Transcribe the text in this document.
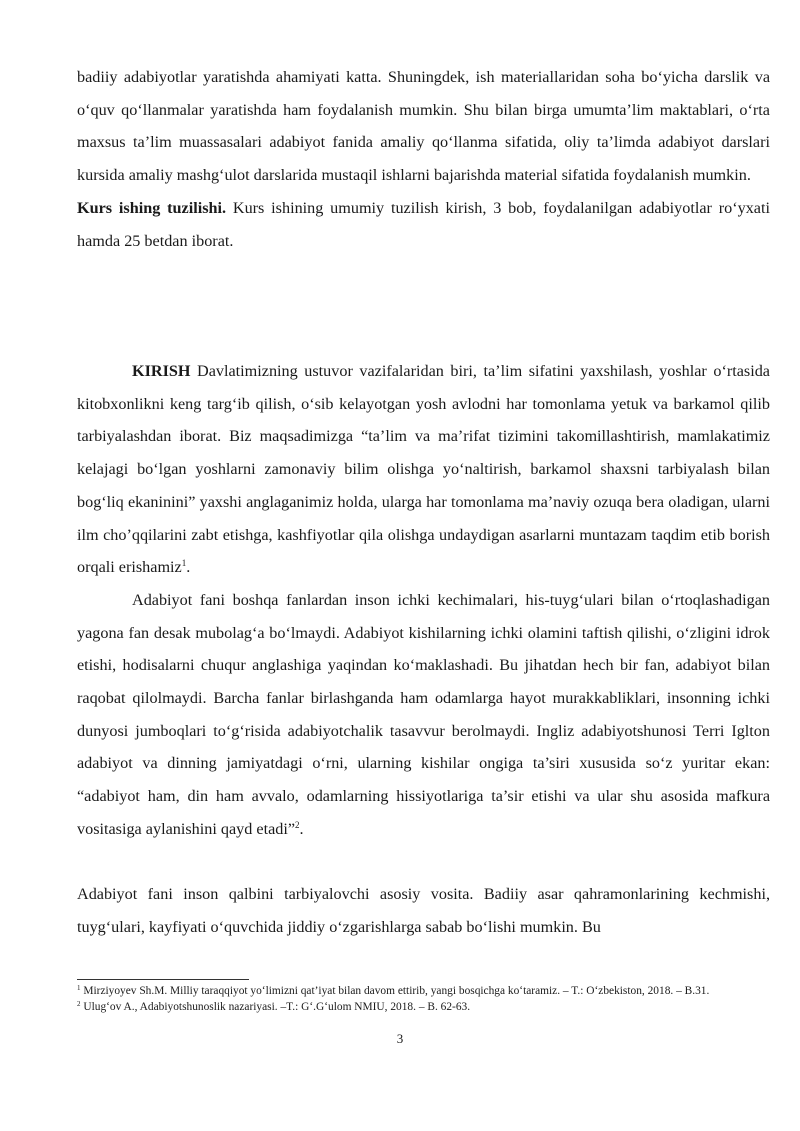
badiiy adabiyotlar yaratishda ahamiyati katta. Shuningdek, ish materiallaridan soha bo‘yicha darslik va o‘quv qo‘llanmalar yaratishda ham foydalanish mumkin. Shu bilan birga umumta’lim maktablari, o‘rta maxsus ta’lim muassasalari adabiyot fanida amaliy qo‘llanma sifatida, oliy ta’limda adabiyot darslari kursida amaliy mashg‘ulot darslarida mustaqil ishlarni bajarishda material sifatida foydalanish mumkin.

Kurs ishing tuzilishi. Kurs ishining umumiy tuzilish kirish, 3 bob, foydalanilgan adabiyotlar ro‘yxati hamda 25 betdan iborat.

KIRISH Davlatimizning ustuvor vazifalaridan biri, ta’lim sifatini yaxshilash, yoshlar o‘rtasida kitobxonlikni keng targ‘ib qilish, o‘sib kelayotgan yosh avlodni har tomonlama yetuk va barkamol qilib tarbiyalashdan iborat. Biz maqsadimizga “ta’lim va ma’rifat tizimini takomillashtirish, mamlakatimiz kelajagi bo‘lgan yoshlarni zamonaviy bilim olishga yo‘naltirish, barkamol shaxsni tarbiyalash bilan bog‘liq ekaninini” yaxshi anglaganimiz holda, ularga har tomonlama ma’naviy ozuqa bera oladigan, ularni ilm cho’qqilarini zabt etishga, kashfiyotlar qila olishga undaydigan asarlarni muntazam taqdim etib borish orqali erishamiz$^1$.

Adabiyot fani boshqa fanlardan inson ichki kechimalari, his-tuyg‘ulari bilan o‘rtoqlashadigan yagona fan desak mubolag‘a bo‘lmaydi. Adabiyot kishilarning ichki olamini taftish qilishi, o‘zligini idrok etishi, hodisalarni chuqur anglashiga yaqindan ko‘maklashadi. Bu jihatdan hech bir fan, adabiyot bilan raqobat qilolmaydi. Barcha fanlar birlashganda ham odamlarga hayot murakkabliklari, insonning ichki dunyosi jumboqlari to‘g‘risida adabiyotchalik tasavvur berolmaydi. Ingliz adabiyotshunosi Terri Iglton adabiyot va dinning jamiyatdagi o‘rni, ularning kishilar ongiga ta’siri xususida so‘z yuritar ekan: “adabiyot ham, din ham avvalo, odamlarning hissiyotlariga ta’sir etishi va ular shu asosida mafkura vositasiga aylanishini qayd etadi”$^2$.

Adabiyot fani inson qalbini tarbiyalovchi asosiy vosita. Badiiy asar qahramonlarining kechmishi, tuyg‘ulari, kayfiyati o‘quvchida jiddiy o‘zgarishlarga sabab bo‘lishi mumkin. Bu

$^1$ Mirziyoyev Sh.M. Milliy taraqqiyot yo‘limizni qat’iyat bilan davom ettirib, yangi bosqichga ko‘taramiz. – T.: O‘zbekiston, 2018. – B.31.

$^2$ Ulug‘ov A., Adabiyotshunoslik nazariyasi. –T.: G‘.G‘ulom NMIU, 2018. – B. 62-63.

3
